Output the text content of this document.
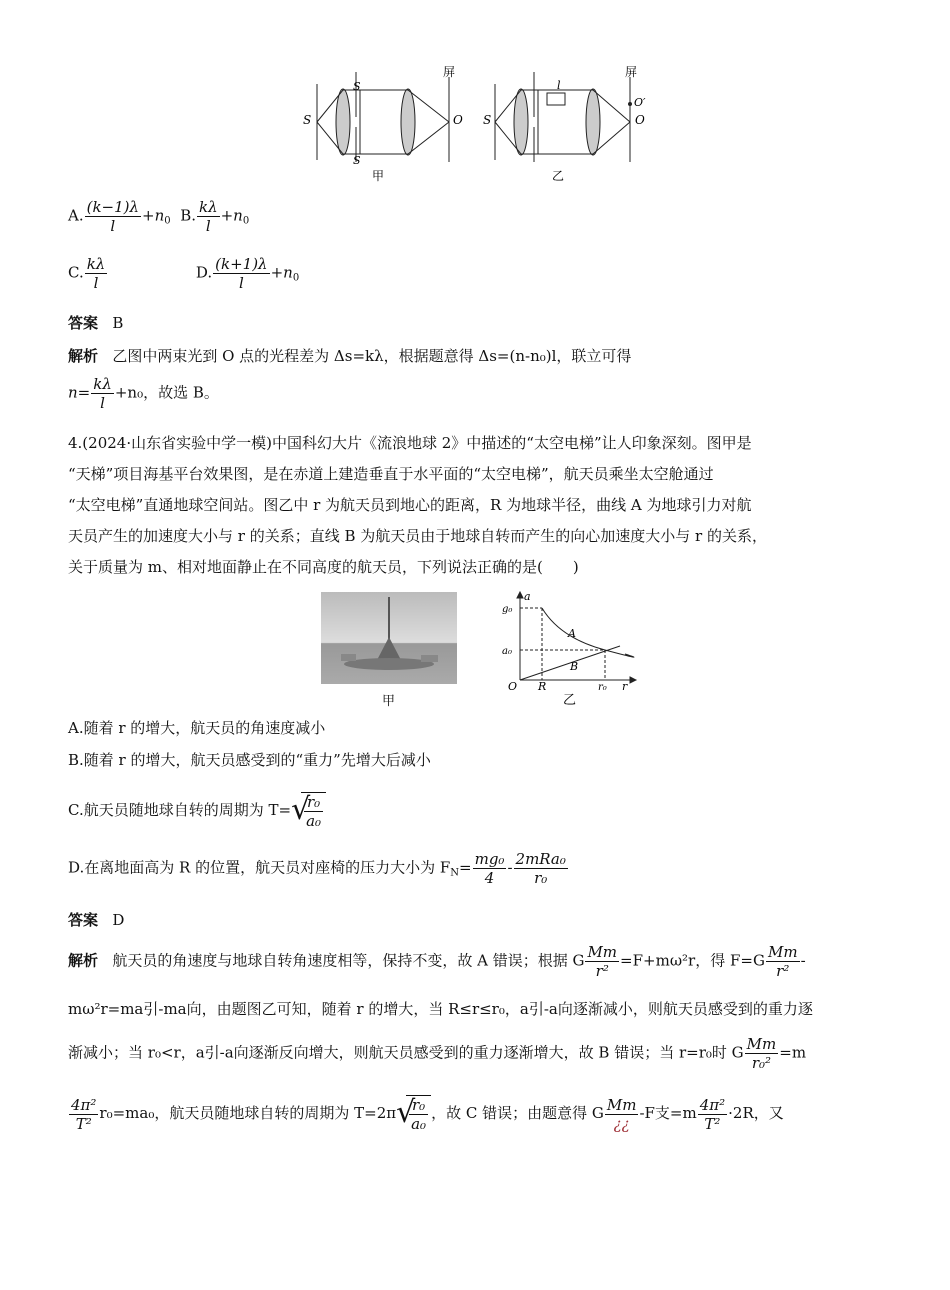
S
S
S
O
屏
甲
S
l
O′
O
屏
乙
A. $\frac{(k-1)\lambda}{l} +n_0$ B. $\frac{k\lambda}{l} +n_0$
C. $\frac{k\lambda}{l}$	D. $\frac{(k+1)\lambda}{l} +n_0$
答案 B
解析 乙图中两束光到 O 点的光程差为 Δs=kλ，根据题意得 Δs=(n-n₀)l，联立可得
$n= \frac{k\lambda}{l} +n_0$，故选 B。
4.(2024·山东省实验中学一模)中国科幻大片《流浪地球 2》中描述的“太空电梯”让人印象深刻。图甲是
“天梯”项目海基平台效果图，是在赤道上建造垂直于水平面的“太空电梯”，航天员乘坐太空舱通过
“太空电梯”直通地球空间站。图乙中 r 为航天员到地心的距离，R 为地球半径，曲线 A 为地球引力对航
天员产生的加速度大小与 r 的关系；直线 B 为航天员由于地球自转而产生的向心加速度大小与 r 的关系，
关于质量为 m、相对地面静止在不同高度的航天员，下列说法正确的是(　　)
甲
a
g₀
a₀
A
B
O R	r₀ r
乙
A.随着 r 的增大，航天员的角速度减小
B.随着 r 的增大，航天员感受到的“重力”先增大后减小
C.航天员随地球自转的周期为 T= √
$\frac{\text{r₀}}{\text{a₀}}$
D.在离地面高为 R 的位置，航天员对座椅的压力大小为 $F_N= \frac{\text{mg₀}}{4} - \frac{\text{2mRa₀}}{\text{r₀}}$
答案 D
解析 航天员的角速度与地球自转角速度相等，保持不变，故 A 错误；根据 G $\frac{Mm}{\text{r²}} =F+m\omega^2r$，得 $F=G \frac{Mm}{\text{r²}}$ -
mω²r=ma引-ma向，由题图乙可知，随着 r 的增大，当 R≤r≤r₀，a引-a向逐渐减小，则航天员感受到的重力逐
渐减小；当 r₀<r，a引-a向逐渐反向增大，则航天员感受到的重力逐渐增大，故 B 错误；当 r=r₀时 G $\frac{Mm}{\text{r₀²}} =m$
$\frac{\text{4π²}}{\text{T²}} r_0=ma_0$，航天员随地球自转的周期为 T=2π √
$\frac{\text{r₀}}{\text{a₀}}$ ，故 C 错误；由题意得 G $\frac{Mm}{¿¿} -F$支$=m \frac{\text{4π²}}{\text{T²}} \cdot 2R$，又
